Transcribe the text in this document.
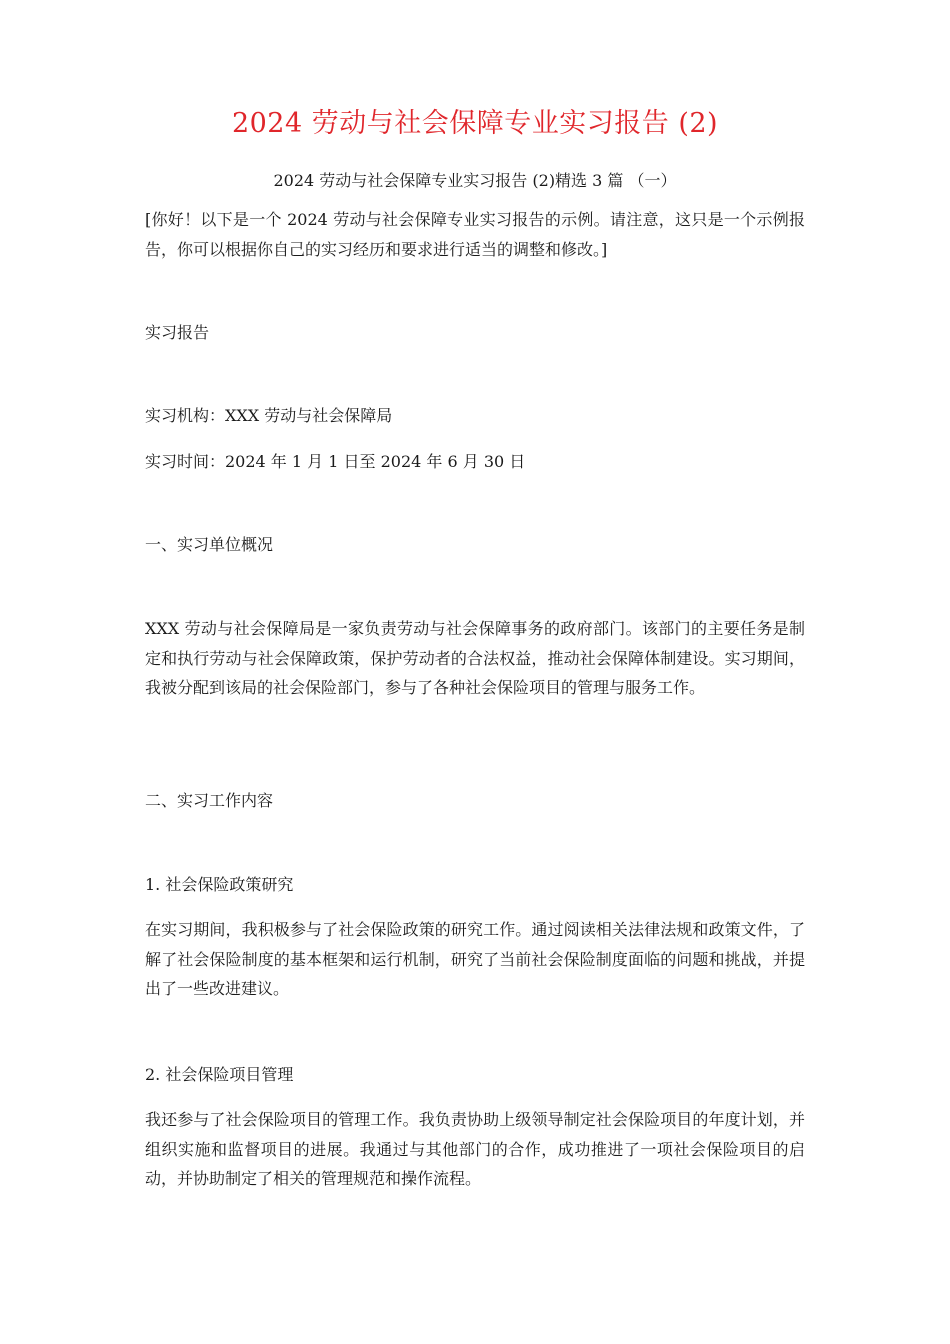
2024 劳动与社会保障专业实习报告 (2)

2024 劳动与社会保障专业实习报告 (2)精选 3 篇 （一）

[你好！以下是一个 2024 劳动与社会保障专业实习报告的示例。请注意，这只是一个示例报告，你可以根据你自己的实习经历和要求进行适当的调整和修改。]

实习报告

实习机构：XXX 劳动与社会保障局

实习时间：2024 年 1 月 1 日至 2024 年 6 月 30 日

一、实习单位概况

XXX 劳动与社会保障局是一家负责劳动与社会保障事务的政府部门。该部门的主要任务是制定和执行劳动与社会保障政策，保护劳动者的合法权益，推动社会保障体制建设。实习期间，我被分配到该局的社会保险部门，参与了各种社会保险项目的管理与服务工作。

二、实习工作内容

1. 社会保险政策研究

在实习期间，我积极参与了社会保险政策的研究工作。通过阅读相关法律法规和政策文件，了解了社会保险制度的基本框架和运行机制，研究了当前社会保险制度面临的问题和挑战，并提出了一些改进建议。

2. 社会保险项目管理

我还参与了社会保险项目的管理工作。我负责协助上级领导制定社会保险项目的年度计划，并组织实施和监督项目的进展。我通过与其他部门的合作，成功推进了一项社会保险项目的启动，并协助制定了相关的管理规范和操作流程。
